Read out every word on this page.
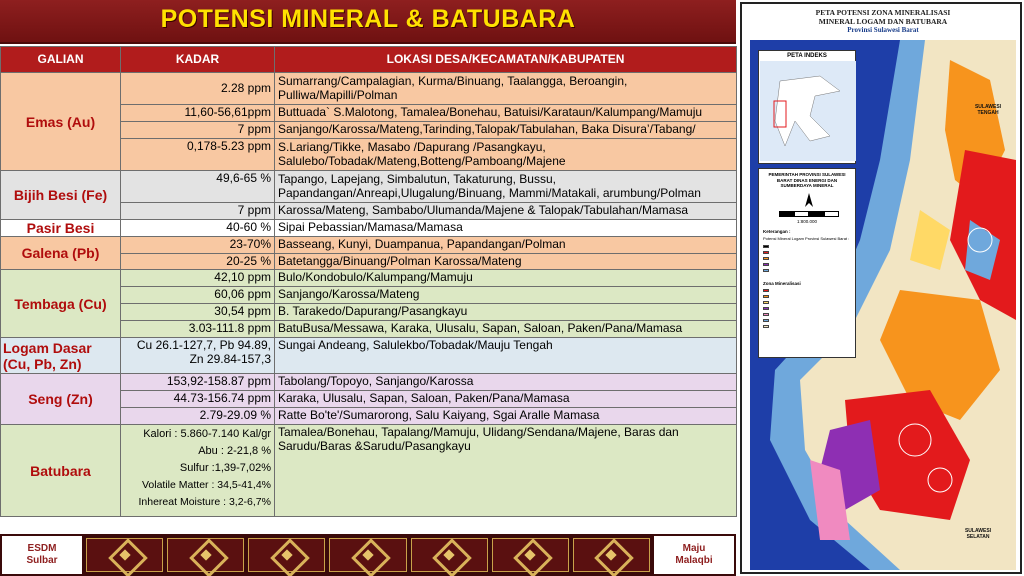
POTENSI MINERAL & BATUBARA
GALIAN	KADAR	LOKASI DESA/KECAMATAN/KABUPATEN
Emas (Au)	2.28 ppm	Sumarrang/Campalagian, Kurma/Binuang, Taalangga, Beroangin, Pulliwa/Mapilli/Polman
	11,60-56,61ppm	Buttuada` S.Malotong, Tamalea/Bonehau, Batuisi/Karataun/Kalumpang/Mamuju
	7 ppm	Sanjango/Karossa/Mateng,Tarinding,Talopak/Tabulahan, Baka Disura’/Tabang/
	0,178-5.23 ppm	S.Lariang/Tikke, Masabo /Dapurang /Pasangkayu, Salulebo/Tobadak/Mateng,Botteng/Pamboang/Majene
Bijih Besi (Fe)	49,6-65 %	Tapango, Lapejang, Simbalutun, Takaturung, Bussu, Papandangan/Anreapi,Ulugalung/Binuang, Mammi/Matakali, arumbung/Polman
	7 ppm	Karossa/Mateng, Sambabo/Ulumanda/Majene & Talopak/Tabulahan/Mamasa
Pasir Besi	40-60 %	Sipai Pebassian/Mamasa/Mamasa
Galena (Pb)	23-70%	Basseang, Kunyi, Duampanua, Papandangan/Polman
	20-25 %	Batetangga/Binuang/Polman Karossa/Mateng
Tembaga (Cu)	42,10 ppm	Bulo/Kondobulo/Kalumpang/Mamuju
	60,06 ppm	Sanjango/Karossa/Mateng
	30,54 ppm	B. Tarakedo/Dapurang/Pasangkayu
	3.03-111.8 ppm	BatuBusa/Messawa, Karaka, Ulusalu, Sapan, Saloan, Paken/Pana/Mamasa
Logam Dasar (Cu, Pb, Zn)	Cu 26.1-127,7, Pb 94.89, Zn 29.84-157,3	Sungai Andeang, Salulekbo/Tobadak/Mauju Tengah
Seng (Zn)	153,92-158.87 ppm	Tabolang/Topoyo, Sanjango/Karossa
	44.73-156.74 ppm	Karaka, Ulusalu, Sapan, Saloan, Paken/Pana/Mamasa
	2.79-29.09 %	Ratte Bo'te'/Sumarorong, Salu Kaiyang, Sgai Aralle Mamasa
Batubara	Kalori : 5.860-7.140 Kal/gr
Abu : 2-21,8 %
Sulfur :1,39-7,02%
Volatile Matter : 34,5-41,4%
Inhereat Moisture : 3,2-6,7%	Tamalea/Bonehau, Tapalang/Mamuju, Ulidang/Sendana/Majene, Baras dan Sarudu/Baras &Sarudu/Pasangkayu
ESDM
Sulbar
Maju
Malaqbi
PETA POTENSI ZONA MINERALISASI
MINERAL LOGAM DAN BATUBARA
Provinsi Sulawesi Barat
PETA INDEKS
PEMERINTAH PROVINSI SULAWESI BARAT DINAS ENERGI DAN SUMBERDAYA MINERAL
1:800.000
Keterangan :
Potensi Mineral Logam Provinsi Sulawesi Barat :
Zona Mineralisasi
SULAWESI TENGAH
SULAWESI SELATAN
